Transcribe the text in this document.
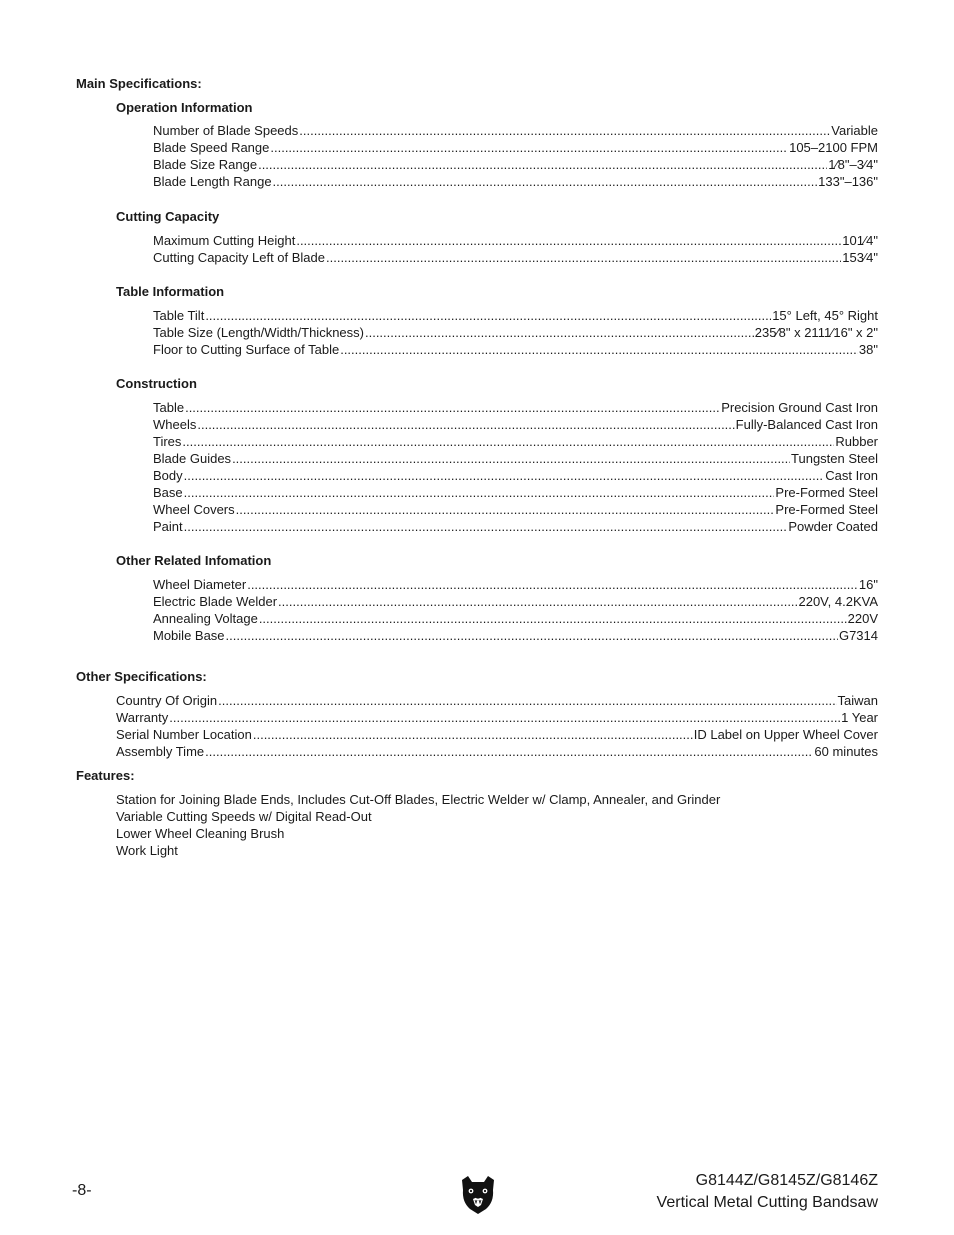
Main Specifications:
Operation Information
Number of Blade Speeds .....	Variable
Blade Speed Range .....	105–2100 FPM
Blade Size Range .....	1⁄8"–3⁄4"
Blade Length Range .....	133"–136"
Cutting Capacity
Maximum Cutting Height .....	101⁄4"
Cutting Capacity Left of Blade .....	153⁄4"
Table Information
Table Tilt .....	15° Left, 45° Right
Table Size (Length/Width/Thickness) .....	235⁄8" x 2111⁄16" x 2"
Floor to Cutting Surface of Table .....	38"
Construction
Table .....	Precision Ground Cast Iron
Wheels .....	Fully-Balanced Cast Iron
Tires .....	Rubber
Blade Guides .....	Tungsten Steel
Body .....	Cast Iron
Base .....	Pre-Formed Steel
Wheel Covers .....	Pre-Formed Steel
Paint .....	Powder Coated
Other Related Infomation
Wheel Diameter .....	16"
Electric Blade Welder .....	220V, 4.2KVA
Annealing Voltage .....	220V
Mobile Base .....	G7314
Other Specifications:
Country Of Origin .....	Taiwan
Warranty .....	1 Year
Serial Number Location .....	ID Label on Upper Wheel Cover
Assembly Time .....	60 minutes
Features:
Station for Joining Blade Ends, Includes Cut-Off Blades, Electric Welder w/ Clamp, Annealer, and Grinder
Variable Cutting Speeds w/ Digital Read-Out
Lower Wheel Cleaning Brush
Work Light
-8-
G8144Z/G8145Z/G8146Z
Vertical Metal Cutting Bandsaw
